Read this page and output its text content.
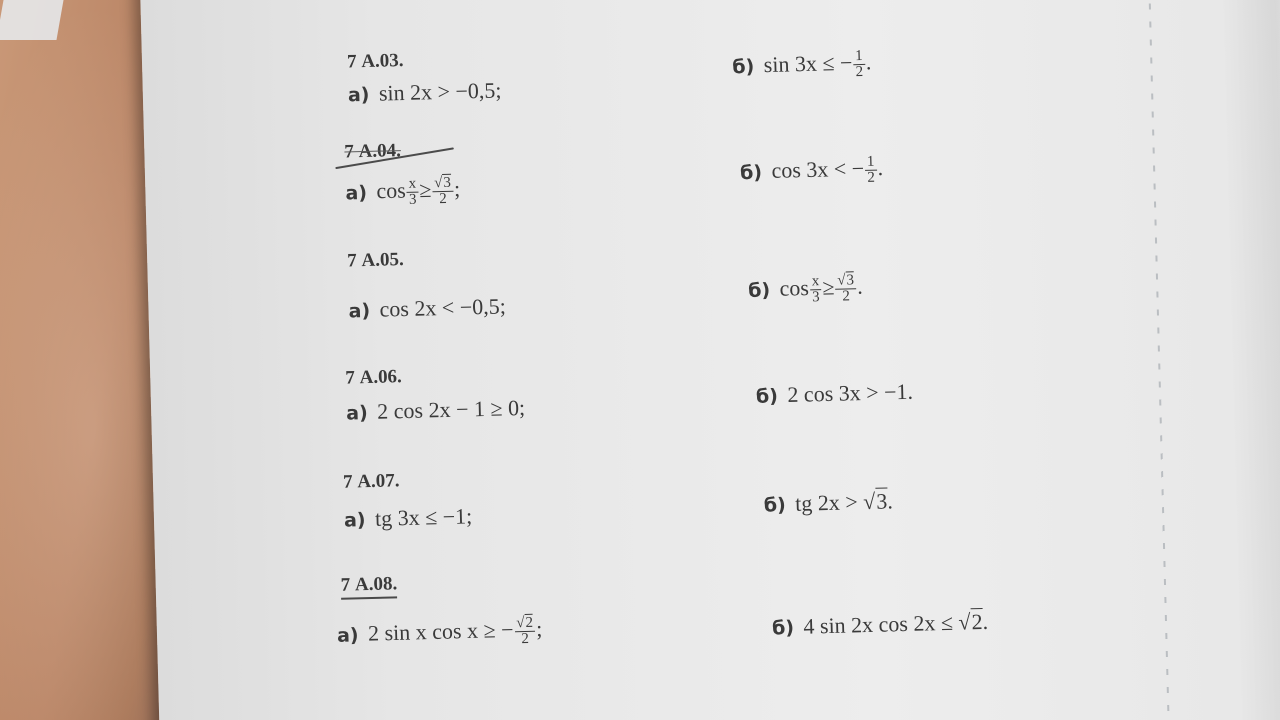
7 А.03.
а) sin 2x > −0,5;
б) sin 3x ≤ − $\frac{1}{2}$ .
7 А.04.
а) $\cos \frac{x}{3} \ge \frac{√3}{2}$ ;
б) cos 3x < − $\frac{1}{2}$ .
7 А.05.
а) cos 2x < −0,5;
б) $\cos \frac{x}{3} \ge \frac{√3}{2}$ .
7 А.06.
а) 2 cos 2x − 1 ≥ 0;	б) 2 cos 3x > −1.
7 А.07.
а) tg 3x ≤ −1;	б) tg 2x > √3.
7 А.08.
а) 2 sin x cos x ≥ − $\frac{√2}{2}$ ;	б) 4 sin 2x cos 2x ≤ √2.
